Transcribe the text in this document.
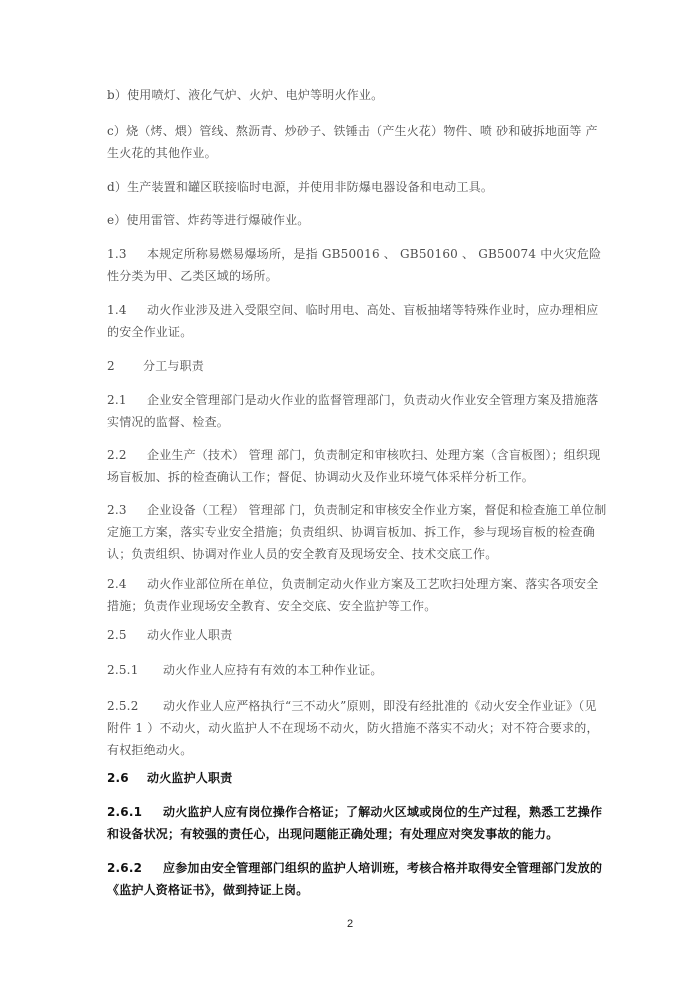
b）使用喷灯、液化气炉、火炉、电炉等明火作业。
c）烧（烤、煨）管线、熬沥青、炒砂子、铁锤击（产生火花）物件、喷 砂和破拆地面等 产生火花的其他作业。
d）生产装置和罐区联接临时电源，并使用非防爆电器设备和电动工具。
e）使用雷管、炸药等进行爆破作业。
1.3 本规定所称易燃易爆场所，是指 GB50016 、 GB50160 、 GB50074 中火灾危险性分类为甲、乙类区域的场所。
1.4 动火作业涉及进入受限空间、临时用电、高处、盲板抽堵等特殊作业时，应办理相应的安全作业证。
2 分工与职责
2.1 企业安全管理部门是动火作业的监督管理部门，负责动火作业安全管理方案及措施落实情况的监督、检查。
2.2 企业生产（技术） 管理 部门，负责制定和审核吹扫、处理方案（含盲板图）；组织现场盲板加、拆的检查确认工作；督促、协调动火及作业环境气体采样分析工作。
2.3 企业设备（工程） 管理部 门，负责制定和审核安全作业方案，督促和检查施工单位制定施工方案，落实专业安全措施；负责组织、协调盲板加、拆工作，参与现场盲板的检查确认；负责组织、协调对作业人员的安全教育及现场安全、技术交底工作。
2.4 动火作业部位所在单位，负责制定动火作业方案及工艺吹扫处理方案、落实各项安全措施；负责作业现场安全教育、安全交底、安全监护等工作。
2.5 动火作业人职责
2.5.1 动火作业人应持有有效的本工种作业证。
2.5.2 动火作业人应严格执行“三不动火”原则，即没有经批准的《动火安全作业证》（见附件 1 ）不动火，动火监护人不在现场不动火，防火措施不落实不动火；对不符合要求的，有权拒绝动火。
2.6 动火监护人职责
2.6.1 动火监护人应有岗位操作合格证；了解动火区域或岗位的生产过程，熟悉工艺操作和设备状况；有较强的责任心，出现问题能正确处理；有处理应对突发事故的能力。
2.6.2 应参加由安全管理部门组织的监护人培训班，考核合格并取得安全管理部门发放的《监护人资格证书》，做到持证上岗。
2
